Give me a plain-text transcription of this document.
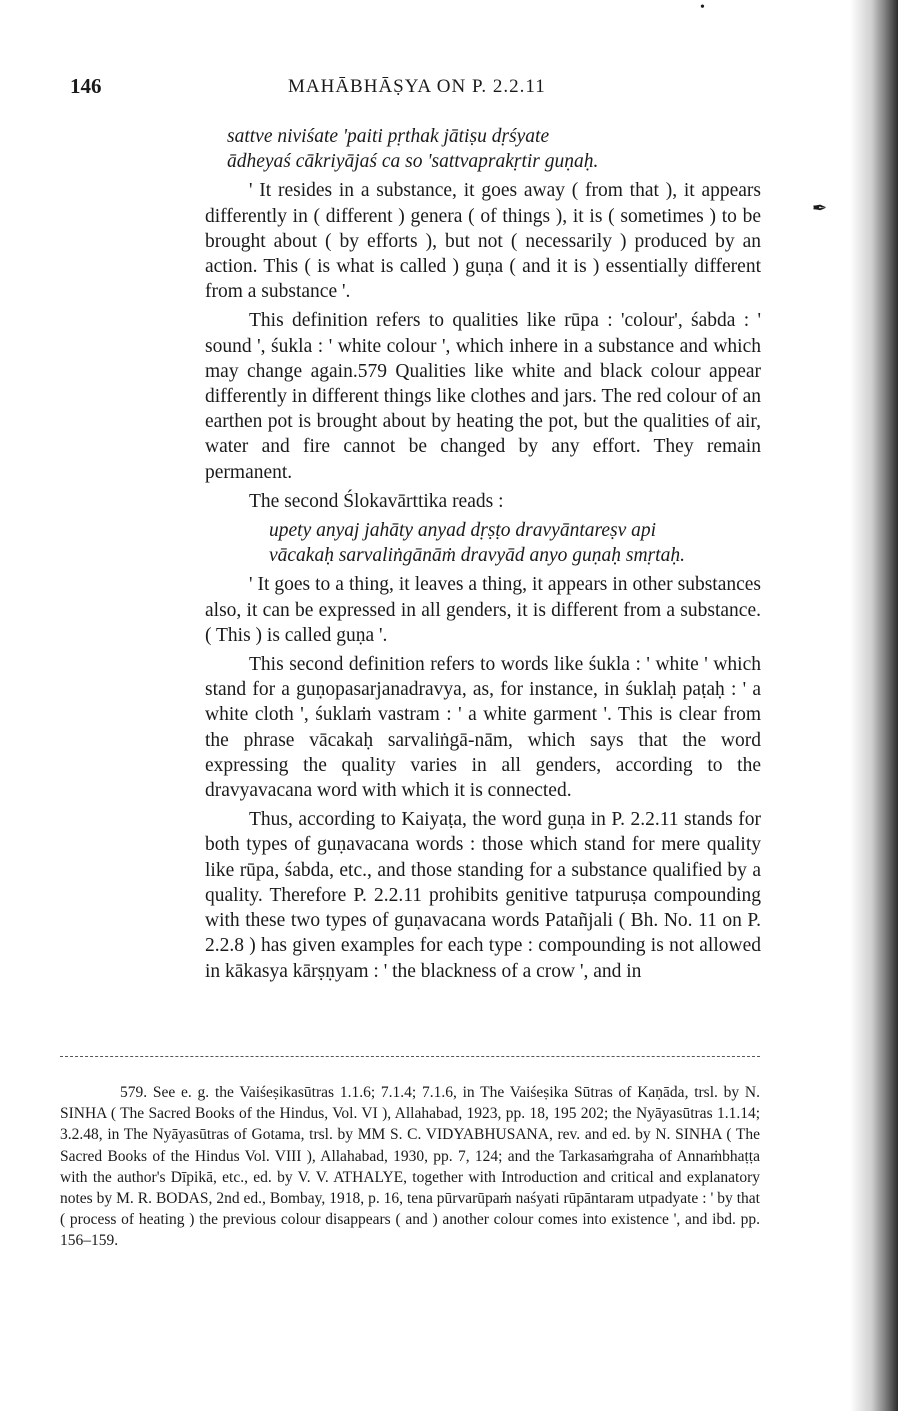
146	MAHĀBHĀṢYA ON P. 2.2.11
sattve niviśate 'paiti pṛthak jātiṣu dṛśyate
ādheyaś cākriyājaś ca so 'sattvaprakṛtir guṇaḥ.

' It resides in a substance, it goes away ( from that ), it appears differently in ( different ) genera ( of things ), it is ( sometimes ) to be brought about ( by efforts ), but not ( necessarily ) produced by an action. This ( is what is called ) guṇa ( and it is ) essentially different from a substance '.

This definition refers to qualities like rūpa : 'colour', śabda : ' sound ', śukla : ' white colour ', which inhere in a substance and which may change again.579 Qualities like white and black colour appear differently in different things like clothes and jars. The red colour of an earthen pot is brought about by heating the pot, but the qualities of air, water and fire cannot be changed by any effort. They remain permanent.

The second Ślokavārttika reads :

upety anyaj jahāty anyad dṛṣṭo dravyāntareṣv api
vācakaḥ sarvaliṅgānāṁ dravyād anyo guṇaḥ smṛtaḥ.

' It goes to a thing, it leaves a thing, it appears in other substances also, it can be expressed in all genders, it is different from a substance. ( This ) is called guṇa '.

This second definition refers to words like śukla : ' white ' which stand for a guṇopasarjanadravya, as, for instance, in śuklaḥ paṭaḥ : ' a white cloth ', śuklaṁ vastram : ' a white garment '. This is clear from the phrase vācakaḥ sarvaliṅgā-nām, which says that the word expressing the quality varies in all genders, according to the dravyavacana word with which it is connected.

Thus, according to Kaiyaṭa, the word guṇa in P. 2.2.11 stands for both types of guṇavacana words : those which stand for mere quality like rūpa, śabda, etc., and those standing for a substance qualified by a quality. Therefore P. 2.2.11 prohibits genitive tatpuruṣa compounding with these two types of guṇavacana words Patañjali ( Bh. No. 11 on P. 2.2.8 ) has given examples for each type : compounding is not allowed in kākasya kārṣṇyam : ' the blackness of a crow ', and in

579. See e. g. the Vaiśeṣikasūtras 1.1.6; 7.1.4; 7.1.6, in The Vaiśeṣika Sūtras of Kaṇāda, trsl. by N. SINHA ( The Sacred Books of the Hindus, Vol. VI ), Allahabad, 1923, pp. 18, 195 202; the Nyāyasūtras 1.1.14; 3.2.48, in The Nyāyasūtras of Gotama, trsl. by MM S. C. VIDYABHUSANA, rev. and ed. by N. SINHA ( The Sacred Books of the Hindus Vol. VIII ), Allahabad, 1930, pp. 7, 124; and the Tarkasaṁgraha of Annaṁbhaṭṭa with the author's Dīpikā, etc., ed. by V. V. ATHALYE, together with Introduction and critical and explanatory notes by M. R. BODAS, 2nd ed., Bombay, 1918, p. 16, tena pūrvarūpaṁ naśyati rūpāntaram utpadyate : ' by that ( process of heating ) the previous colour disappears ( and ) another colour comes into existence ', and ibd. pp. 156–159.

•
✒
